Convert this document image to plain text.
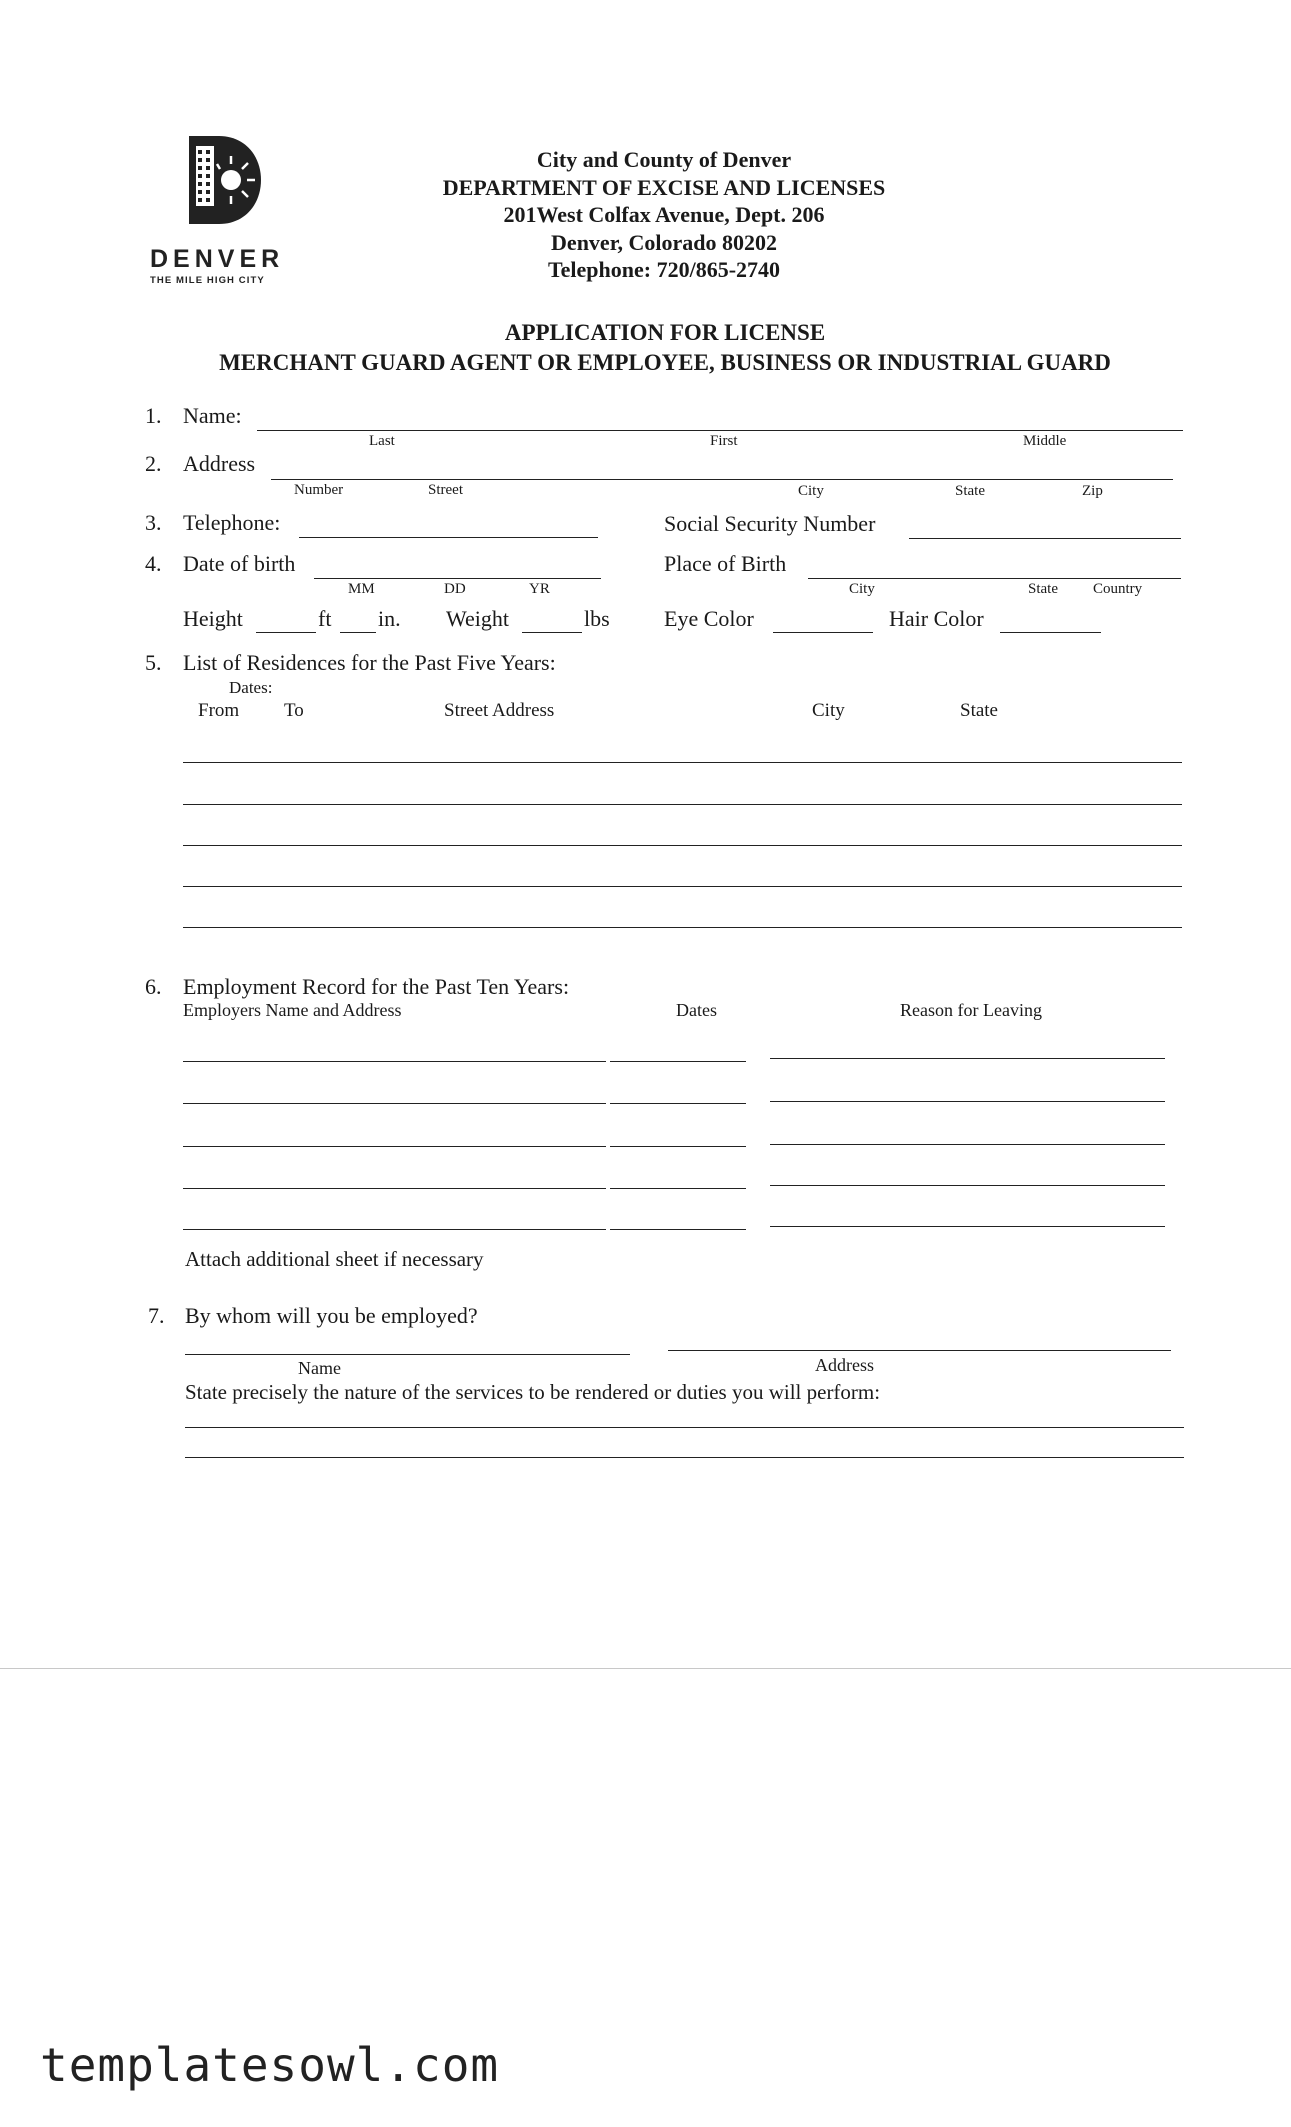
DENVER
THE MILE HIGH CITY
City and County of Denver
DEPARTMENT OF EXCISE AND LICENSES
201West Colfax Avenue, Dept. 206
Denver, Colorado 80202
Telephone: 720/865-2740
APPLICATION FOR LICENSE
MERCHANT GUARD AGENT OR EMPLOYEE, BUSINESS OR INDUSTRIAL GUARD
1. Name:
Last	First	Middle
2. Address
Number	Street	City	State	Zip
3. Telephone:	Social Security Number
4. Date of birth
MM	DD	YR
Place of Birth
City	State Country
Height	ft in. Weight	lbs Eye Color	Hair Color
5. List of Residences for the Past Five Years:
Dates:
From To	Street Address	City	State
6. Employment Record for the Past Ten Years:
Employers Name and Address	Dates	Reason for Leaving
Attach additional sheet if necessary
7. By whom will you be employed?
Name	Address
State precisely the nature of the services to be rendered or duties you will perform:
templatesowl.com
